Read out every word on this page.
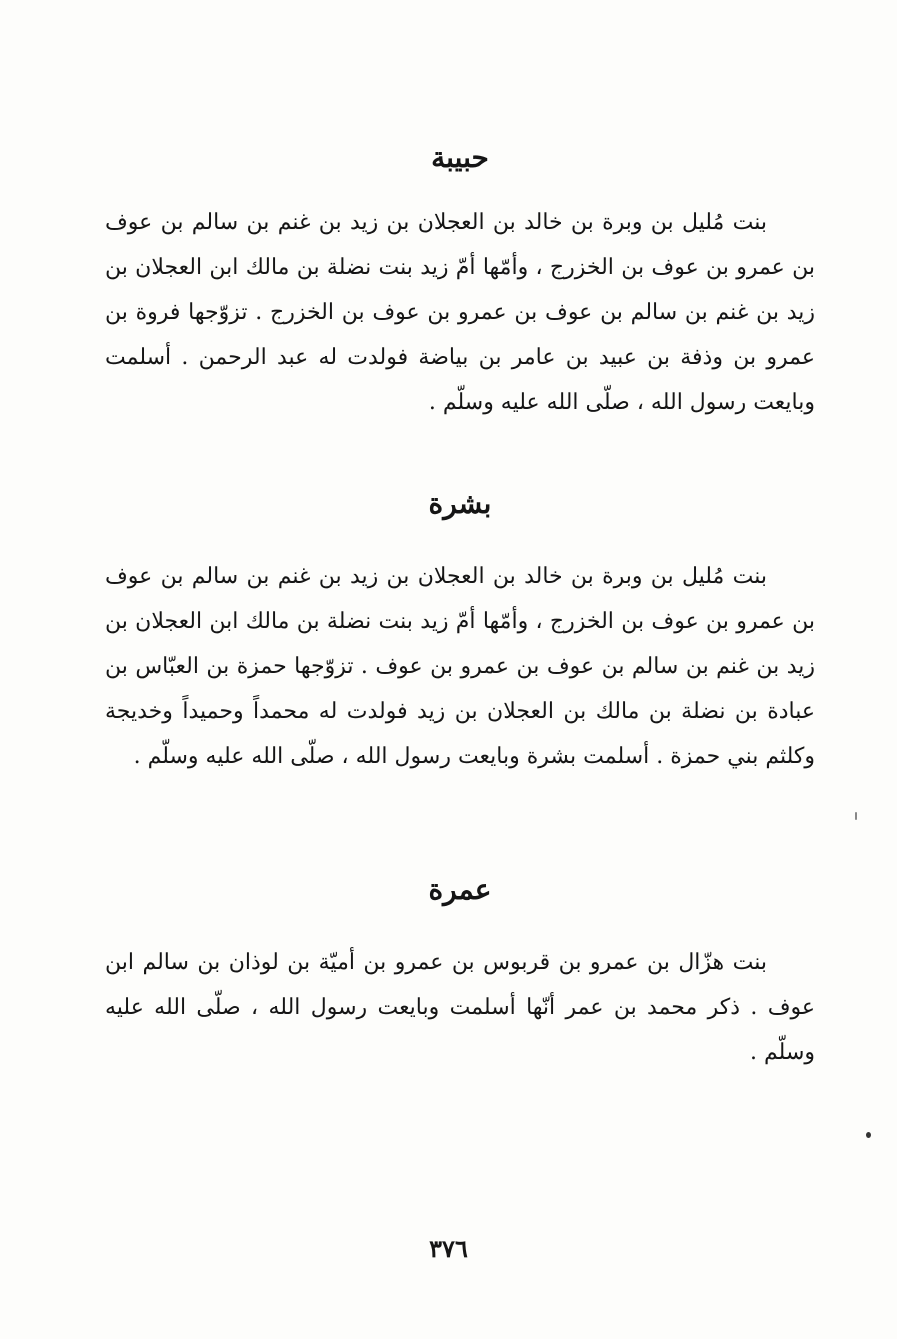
حبيبة

بنت مُليل بن وبرة بن خالد بن العجلان بن زيد بن غنم بن سالم بن عوف بن عمرو بن عوف بن الخزرج ، وأمّها أمّ زيد بنت نضلة بن مالك ابن العجلان بن زيد بن غنم بن سالم بن عوف بن عمرو بن عوف بن الخزرج . تزوّجها فروة بن عمرو بن وذفة بن عبيد بن عامر بن بياضة فولدت له عبد الرحمن . أسلمت وبايعت رسول الله ، صلّى الله عليه وسلّم .

بشرة

بنت مُليل بن وبرة بن خالد بن العجلان بن زيد بن غنم بن سالم بن عوف بن عمرو بن عوف بن الخزرج ، وأمّها أمّ زيد بنت نضلة بن مالك ابن العجلان بن زيد بن غنم بن سالم بن عوف بن عمرو بن عوف . تزوّجها حمزة بن العبّاس بن عبادة بن نضلة بن مالك بن العجلان بن زيد فولدت له محمداً وحميداً وخديجة وكلثم بني حمزة . أسلمت بشرة وبايعت رسول الله ، صلّى الله عليه وسلّم .

عمرة

بنت هزّال بن عمرو بن قربوس بن عمرو بن أميّة بن لوذان بن سالم ابن عوف . ذكر محمد بن عمر أنّها أسلمت وبايعت رسول الله ، صلّى الله عليه وسلّم .

٣٧٦
